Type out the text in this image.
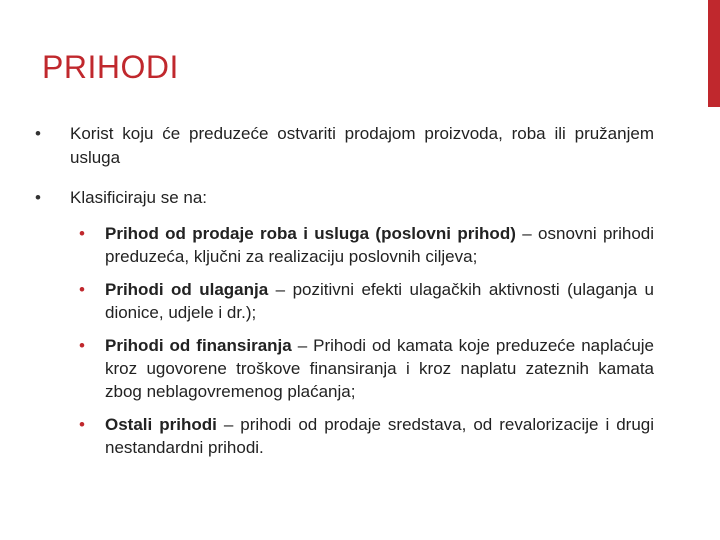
PRIHODI
• Korist koju će preduzeće ostvariti prodajom proizvoda, roba ili pružanjem usluga
• Klasificiraju se na:
•	Prihod od prodaje roba i usluga (poslovni prihod) – osnovni prihodi preduzeća, ključni za realizaciju poslovnih ciljeva;
•	Prihodi od ulaganja – pozitivni efekti ulagačkih aktivnosti (ulaganja u dionice, udjele i dr.);
•	Prihodi od finansiranja – Prihodi od kamata koje preduzeće naplaćuje kroz ugovorene troškove finansiranja i kroz naplatu zateznih kamata zbog neblagovremenog plaćanja;
•	Ostali prihodi – prihodi od prodaje sredstava, od revalorizacije i drugi nestandardni prihodi.
